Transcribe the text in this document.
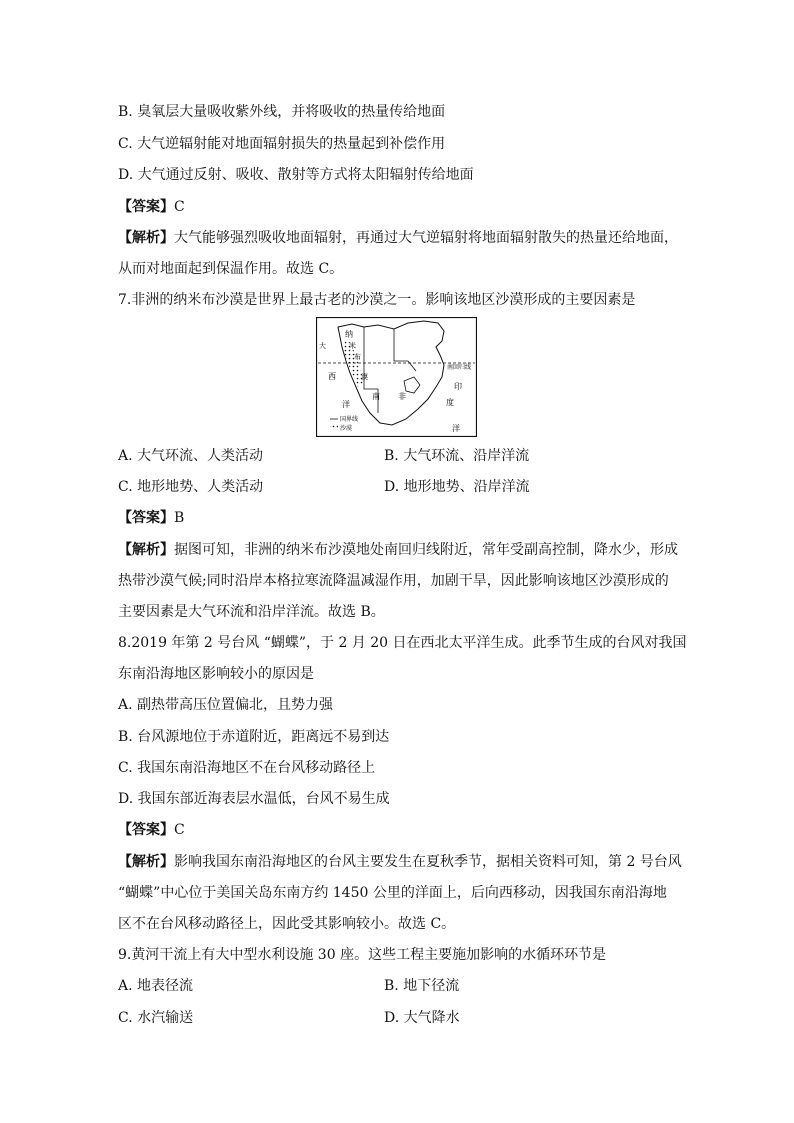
B. 臭氧层大量吸收紫外线，并将吸收的热量传给地面
C. 大气逆辐射能对地面辐射损失的热量起到补偿作用
D. 大气通过反射、吸收、散射等方式将太阳辐射传给地面
【答案】C
【解析】大气能够强烈吸收地面辐射，再通过大气逆辐射将地面辐射散失的热量还给地面，
从而对地面起到保温作用。故选 C。
7.非洲的纳米布沙漠是世界上最古老的沙漠之一。影响该地区沙漠形成的主要因素是
大
纳
米
布
西	漠
洋
南 非
南回归线
印
度
洋
国界线
沙漠
A. 大气环流、人类活动	B. 大气环流、沿岸洋流
C. 地形地势、人类活动	D. 地形地势、沿岸洋流
【答案】B
【解析】据图可知，非洲的纳米布沙漠地处南回归线附近，常年受副高控制，降水少，形成
热带沙漠气候;同时沿岸本格拉寒流降温减湿作用，加剧干旱，因此影响该地区沙漠形成的
主要因素是大气环流和沿岸洋流。故选 B。
8.2019 年第 2 号台风 “蝴蝶”，于 2 月 20 日在西北太平洋生成。此季节生成的台风对我国
东南沿海地区影响较小的原因是
A. 副热带高压位置偏北，且势力强
B. 台风源地位于赤道附近，距离远不易到达
C. 我国东南沿海地区不在台风移动路径上
D. 我国东部近海表层水温低，台风不易生成
【答案】C
【解析】影响我国东南沿海地区的台风主要发生在夏秋季节，据相关资料可知，第 2 号台风
“蝴蝶”中心位于美国关岛东南方约 1450 公里的洋面上，后向西移动，因我国东南沿海地
区不在台风移动路径上，因此受其影响较小。故选 C。
9.黄河干流上有大中型水利设施 30 座。这些工程主要施加影响的水循环环节是
A. 地表径流	B. 地下径流
C. 水汽输送	D. 大气降水
